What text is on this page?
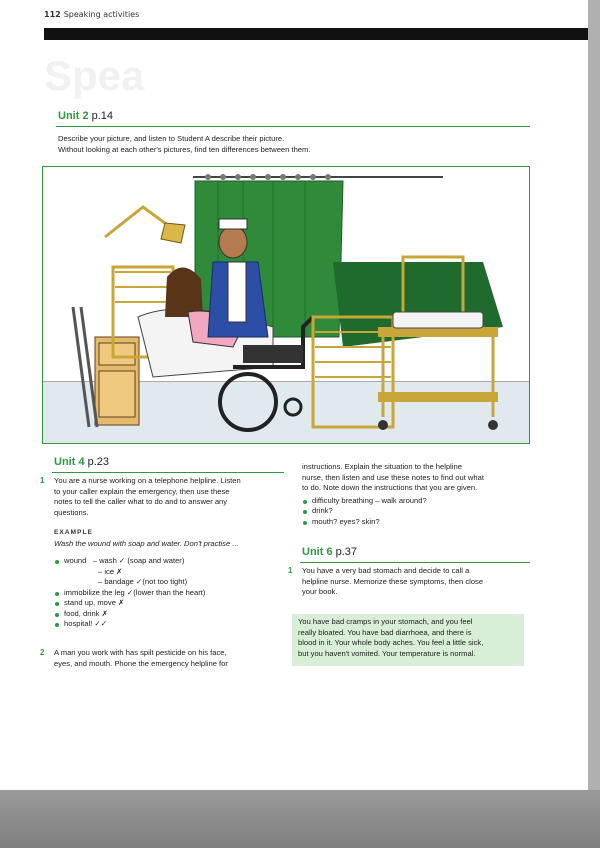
112 Speaking activities
Spea
Unit 2 p.14
Describe your picture, and listen to Student A describe their picture.
Without looking at each other's pictures, find ten differences between them.
Unit 4 p.23
1 You are a nurse working on a telephone helpline. Listen
to your caller explain the emergency, then use these
notes to tell the caller what to do and to answer any
questions.
EXAMPLE
Wash the wound with soap and water. Don't practise ...
wound – wash ✓ (soap and water)
– ice ✗
– bandage ✓(not too tight)
immobilize the leg ✓(lower than the heart)
stand up, move ✗
food, drink ✗
hospital! ✓✓
2 A man you work with has spilt pesticide on his face,
eyes, and mouth. Phone the emergency helpline for
instructions. Explain the situation to the helpline
nurse, then listen and use these notes to find out what
to do. Note down the instructions that you are given.
difficulty breathing – walk around?
drink?
mouth? eyes? skin?
Unit 6 p.37
1 You have a very bad stomach and decide to call a
helpline nurse. Memorize these symptoms, then close
your book.
You have bad cramps in your stomach, and you feel
really bloated. You have bad diarrhoea, and there is
blood in it. Your whole body aches. You feel a little sick,
but you haven't vomited. Your temperature is normal.
